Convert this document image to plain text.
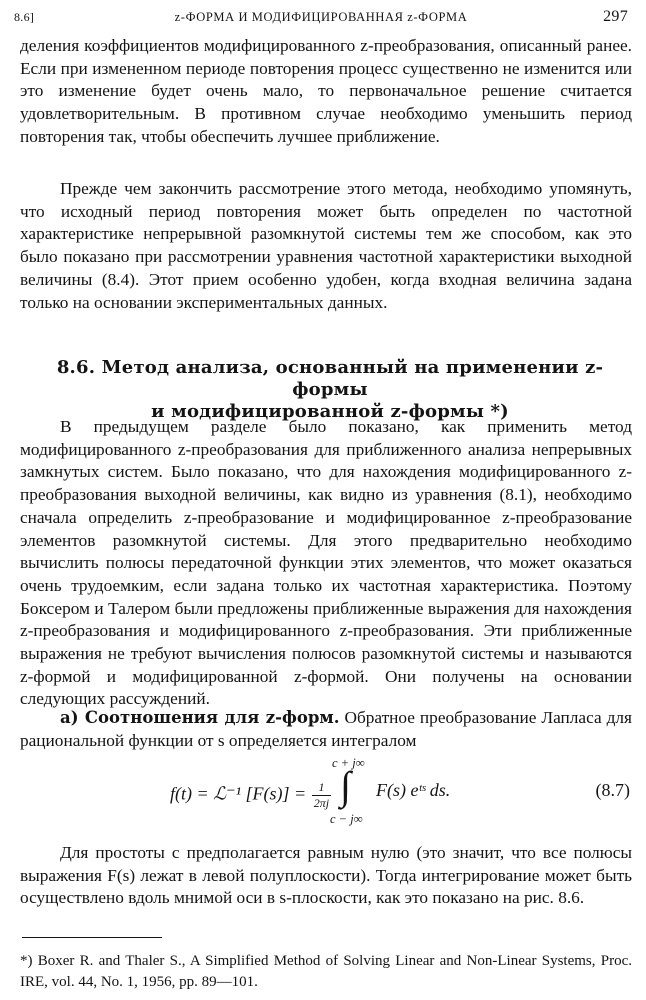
8.6]	z-ФОРМА И МОДИФИЦИРОВАННАЯ z-ФОРМА	297

деления коэффициентов модифицированного z-преобразования, описанный ранее. Если при измененном периоде повторения процесс существенно не изменится или это изменение будет очень мало, то первоначальное решение считается удовлетворительным. В противном случае необходимо уменьшить период повторения так, чтобы обеспечить лучшее приближение.

Прежде чем закончить рассмотрение этого метода, необходимо упомянуть, что исходный период повторения может быть определен по частотной характеристике непрерывной разомкнутой системы тем же способом, как это было показано при рассмотрении уравнения частотной характеристики выходной величины (8.4). Этот прием особенно удобен, когда входная величина задана только на основании экспериментальных данных.

8.6. Метод анализа, основанный на применении z-формы
и модифицированной z-формы *)

В предыдущем разделе было показано, как применить метод модифицированного z-преобразования для приближенного анализа непрерывных замкнутых систем. Было показано, что для нахождения модифицированного z-преобразования выходной величины, как видно из уравнения (8.1), необходимо сначала определить z-преобразование и модифицированное z-преобразование элементов разомкнутой системы. Для этого предварительно необходимо вычислить полюсы передаточной функции этих элементов, что может оказаться очень трудоемким, если задана только их частотная характеристика. Поэтому Боксером и Талером были предложены приближенные выражения для нахождения z-преобразования и модифицированного z-преобразования. Эти приближенные выражения не требуют вычисления полюсов разомкнутой системы и называются z-формой и модифицированной z-формой. Они получены на основании следующих рассуждений.

а) Соотношения для z-форм. Обратное преобразование Лапласа для рациональной функции от s определяется интегралом

f(t) = ℒ⁻¹ $[F(s)] = \frac{1}{2\pi j}$
c + j∞
∫
c − j∞
F(s) eᵗˢ ds.	(8.7)

Для простоты c предполагается равным нулю (это значит, что все полюсы выражения F(s) лежат в левой полуплоскости). Тогда интегрирование может быть осуществлено вдоль мнимой оси в s-плоскости, как это показано на рис. 8.6.

*) Boxer R. and Thaler S., A Simplified Method of Solving Linear and Non-Linear Systems, Proc. IRE, vol. 44, No. 1, 1956, pp. 89—101.
